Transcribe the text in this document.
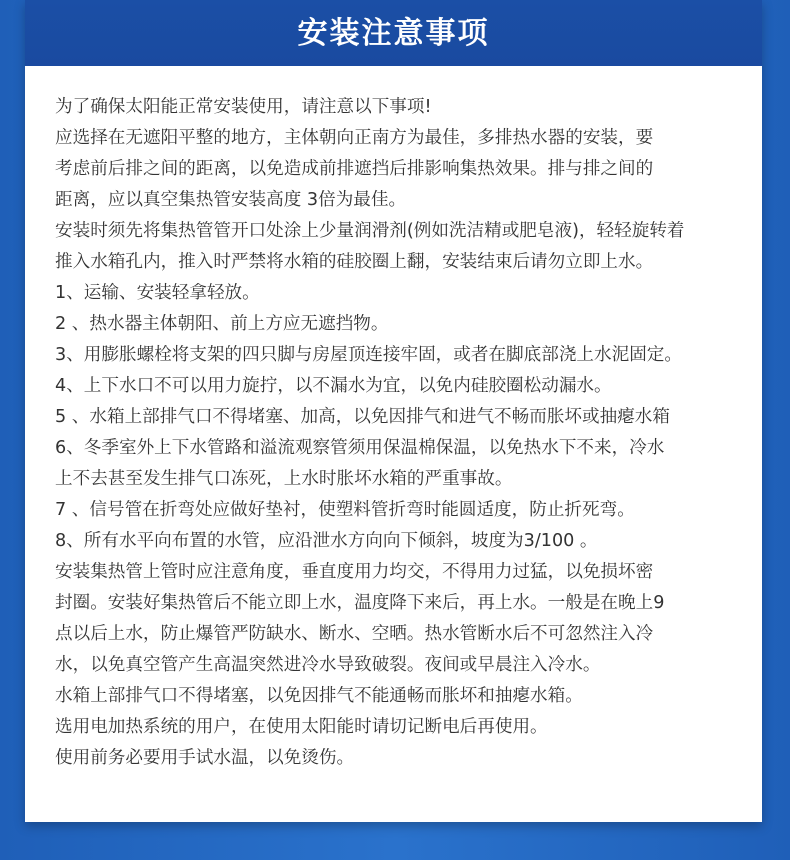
安装注意事项
为了确保太阳能正常安装使用，请注意以下事项!
应选择在无遮阳平整的地方，主体朝向正南方为最佳，多排热水器的安装，要
考虑前后排之间的距离，以免造成前排遮挡后排影响集热效果。排与排之间的
距离，应以真空集热管安装高度 3倍为最佳。
安装时须先将集热管管开口处涂上少量润滑剂(例如洗洁精或肥皂液)，轻轻旋转着
推入水箱孔内，推入时严禁将水箱的硅胶圈上翻，安装结束后请勿立即上水。
1、运输、安装轻拿轻放。
2 、热水器主体朝阳、前上方应无遮挡物。
3、用膨胀螺栓将支架的四只脚与房屋顶连接牢固，或者在脚底部浇上水泥固定。
4、上下水口不可以用力旋拧，以不漏水为宜，以免内硅胶圈松动漏水。
5 、水箱上部排气口不得堵塞、加高，以免因排气和进气不畅而胀坏或抽瘪水箱
6、冬季室外上下水管路和溢流观察管须用保温棉保温，以免热水下不来，冷水
上不去甚至发生排气口冻死，上水时胀坏水箱的严重事故。
7 、信号管在折弯处应做好垫衬，使塑料管折弯时能圆适度，防止折死弯。
8、所有水平向布置的水管，应沿泄水方向向下倾斜，坡度为3/100 。
安装集热管上管时应注意角度，垂直度用力均交，不得用力过猛，以免损坏密
封圈。安装好集热管后不能立即上水，温度降下来后，再上水。一般是在晚上9
点以后上水，防止爆管严防缺水、断水、空晒。热水管断水后不可忽然注入冷
水，以免真空管产生高温突然进冷水导致破裂。夜间或早晨注入冷水。
水箱上部排气口不得堵塞，以免因排气不能通畅而胀坏和抽瘪水箱。
选用电加热系统的用户，在使用太阳能时请切记断电后再使用。
使用前务必要用手试水温，以免烫伤。
